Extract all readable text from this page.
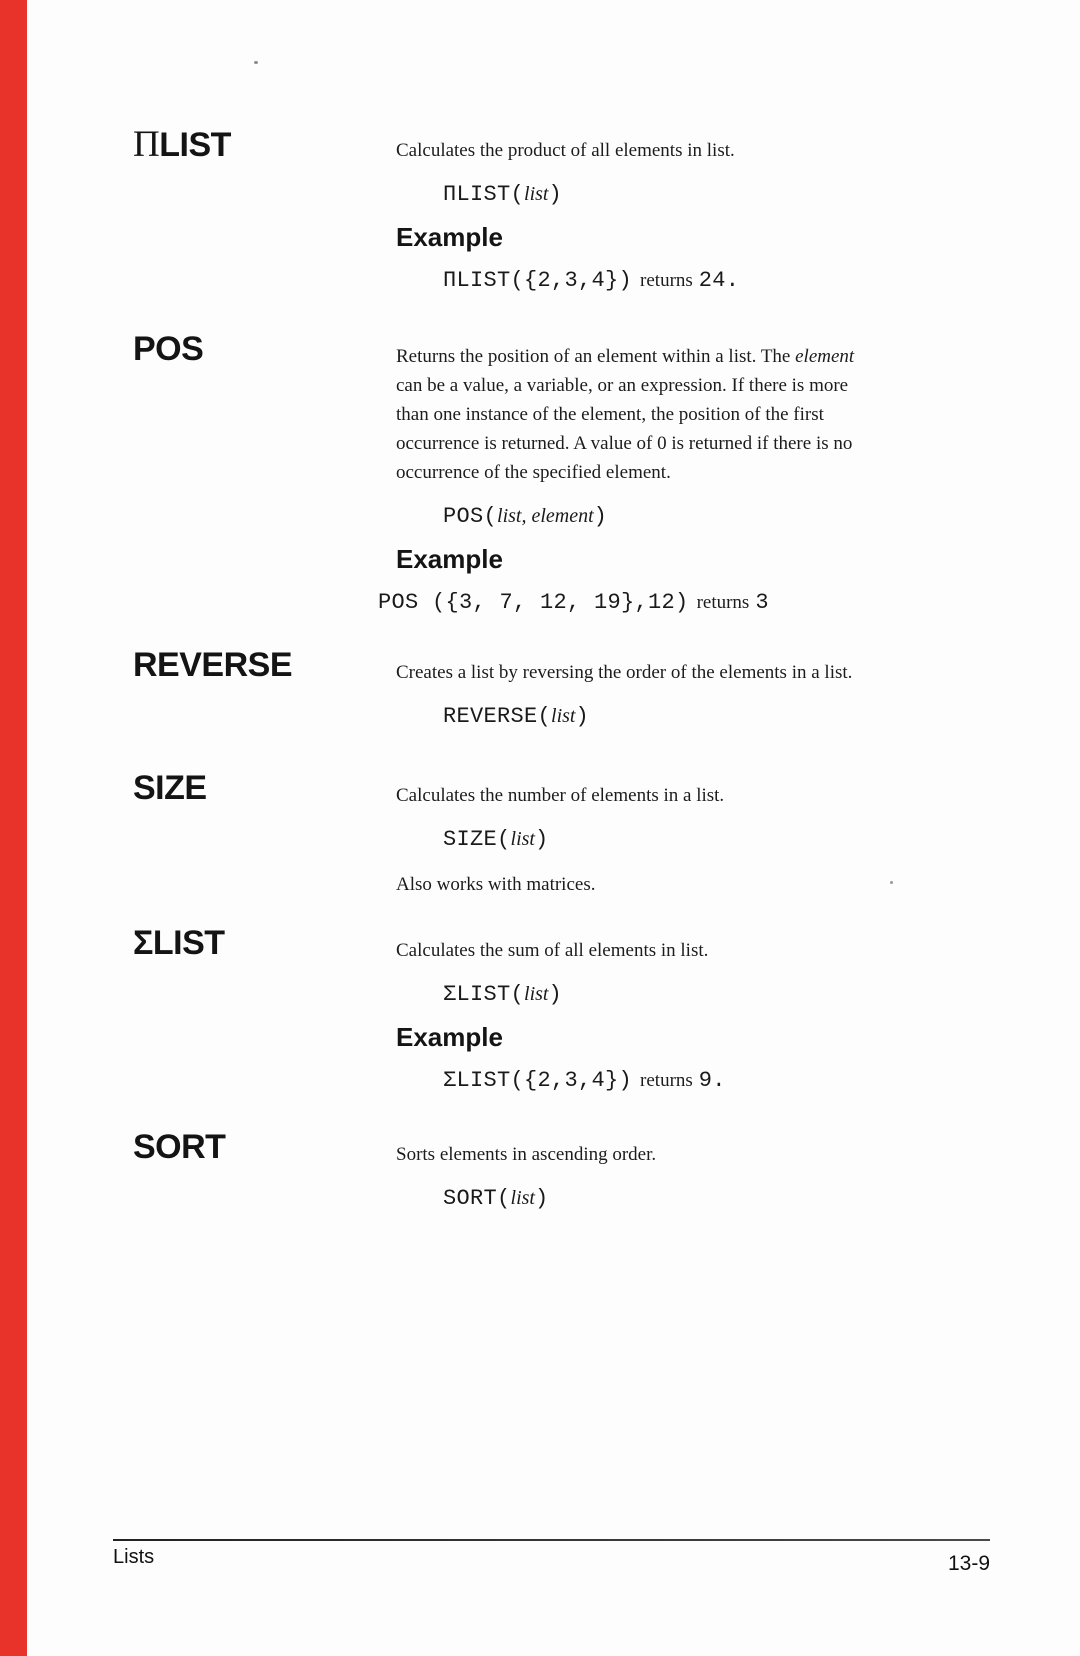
ΠLIST	Calculates the product of all elements in list.
ΠLIST(list)
Example
ΠLIST({2,3,4}) returns 24.
POS	Returns the position of an element within a list. The element
can be a value, a variable, or an expression. If there is more
than one instance of the element, the position of the first
occurrence is returned. A value of 0 is returned if there is no
occurrence of the specified element.
POS(list, element)
Example
POS ({3, 7, 12, 19},12) returns 3
REVERSE	Creates a list by reversing the order of the elements in a list.
REVERSE(list)
SIZE	Calculates the number of elements in a list.
SIZE(list)
Also works with matrices.
ΣLIST	Calculates the sum of all elements in list.
ΣLIST(list)
Example
ΣLIST({2,3,4}) returns 9.
SORT	Sorts elements in ascending order.
SORT(list)
Lists	13-9
